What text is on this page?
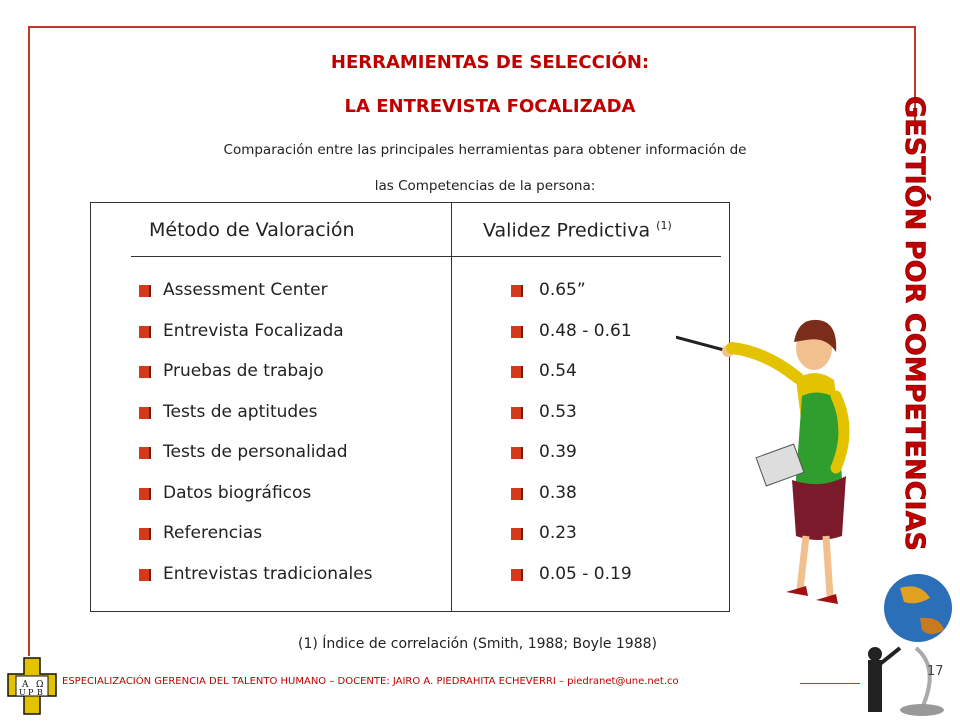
HERRAMIENTAS DE SELECCIÓN:
LA ENTREVISTA FOCALIZADA
Comparación entre las principales herramientas para obtener información de
las Competencias de la persona:
Método de Valoración	Validez Predictiva $^{(1)}$
Assessment Center	0.65”
Entrevista Focalizada	0.48 - 0.61
Pruebas de trabajo	0.54
Tests de aptitudes	0.53
Tests de personalidad	0.39
Datos biográficos	0.38
Referencias	0.23
Entrevistas tradicionales	0.05 - 0.19
(1) Índice de correlación (Smith, 1988; Boyle 1988)
GESTIÓN POR COMPETENCIAS
A Ω
U P B
ESPECIALIZACIÓN GERENCIA DEL TALENTO HUMANO – DOCENTE: JAIRO A. PIEDRAHITA ECHEVERRI – piedranet@une.net.co
17
